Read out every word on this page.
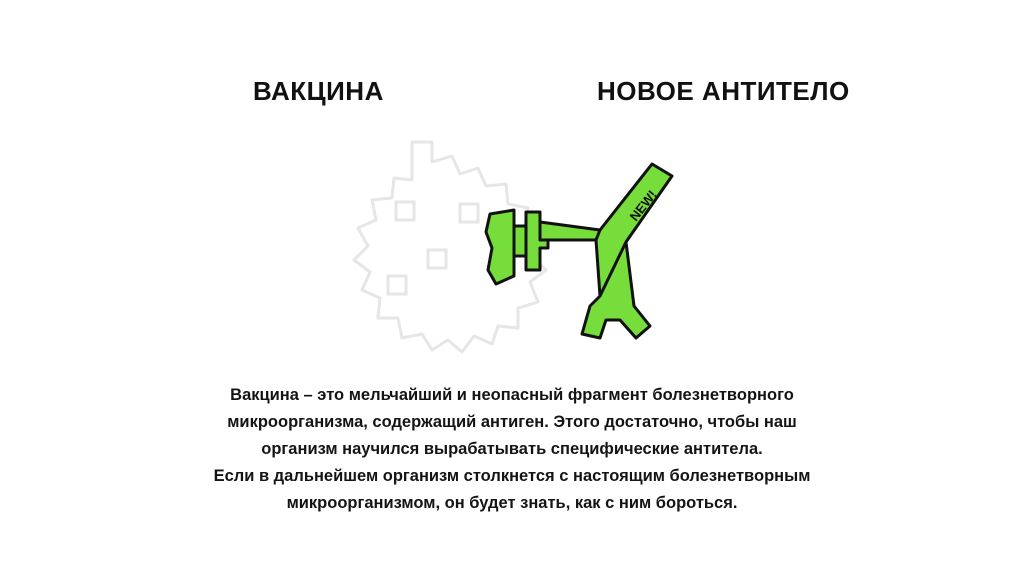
ВАКЦИНА	НОВОЕ АНТИТЕЛО
NEW!

Вакцина – это мельчайший и неопасный фрагмент болезнетворного

микроорганизма, содержащий антиген. Этого достаточно, чтобы наш

организм научился вырабатывать специфические антитела.

Если в дальнейшем организм столкнется с настоящим болезнетворным

микроорганизмом, он будет знать, как с ним бороться.
